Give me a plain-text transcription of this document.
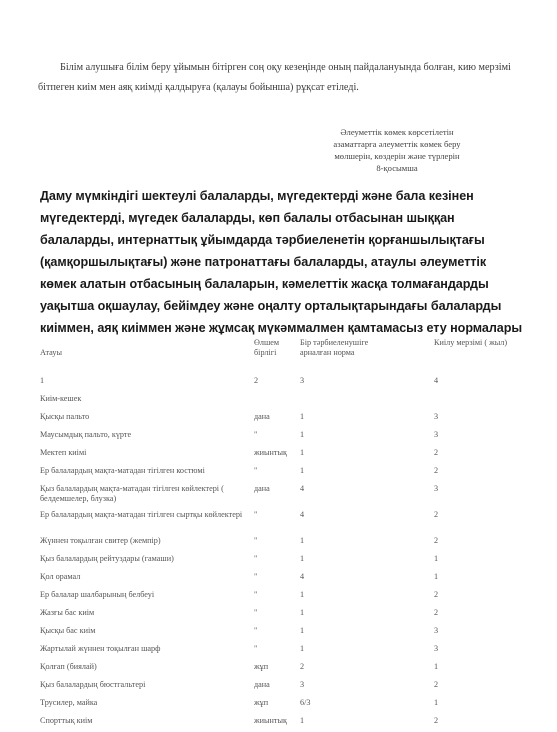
Білім алушыға білім беру ұйымын бітірген соң оқу кезеңінде оның пайдалануында болған, кию мерзімі бітпеген киім мен аяқ киімді қалдыруға (қалауы бойынша) рұқсат етіледі.

Әлеуметтік көмек көрсетілетін
азаматтарға әлеуметтік көмек беру
мөлшерін, көздерін және түрлерін
8-қосымша
Даму мүмкіндігі шектеулі балаларды, мүгедектерді және бала кезінен мүгедектерді, мүгедек балаларды, көп балалы отбасынан шыққан балаларды, интернаттық ұйымдарда тәрбиеленетін қорғаншылықтағы (қамқоршылықтағы) және патронаттағы балаларды, атаулы әлеуметтік көмек алатын отбасының балаларын, кәмелеттік жасқа толмағандарды уақытша оқшаулау, бейімдеу және оңалту орталықтарындағы балаларды киіммен, аяқ киіммен және жұмсақ мүкәммалмен қамтамасыз ету нормалары
Атауы	Өлшем бірлігі	Бір тәрбиеленушіге арналған норма	Киілу мерзімі ( жыл)
1	2	3	4
Киім-кешек			
Қысқы пальто	дана	1	3
Маусымдық пальто, күрте	"	1	3
Мектеп киімі	жиынтық	1	2
Ер балалардың мақта-матадан тігілген костюмі	"	1	2
Қыз балалардың мақта-матадан тігілген көйлектері ( белдемшелер, блузка)	дана	4	3
Ер балалардың мақта-матадан тігілген сыртқы көйлектері	"	4	2
Жүннен тоқылған свитер (жемпір)	"	1	2
Қыз балалардың рейтуздары (гамаши)	"	1	1
Қол орамал	"	4	1
Ер балалар шалбарының белбеуі	"	1	2
Жазғы бас киім	"	1	2
Қысқы бас киім	"	1	3
Жартылай жүннен тоқылған шарф	"	1	3
Қолғап (биялай)	жұп	2	1
Қыз балалардың бюстгальтері	дана	3	2
Трусилер, майка	жұп	6/3	1
Спорттық киім	жиынтық	1	2
